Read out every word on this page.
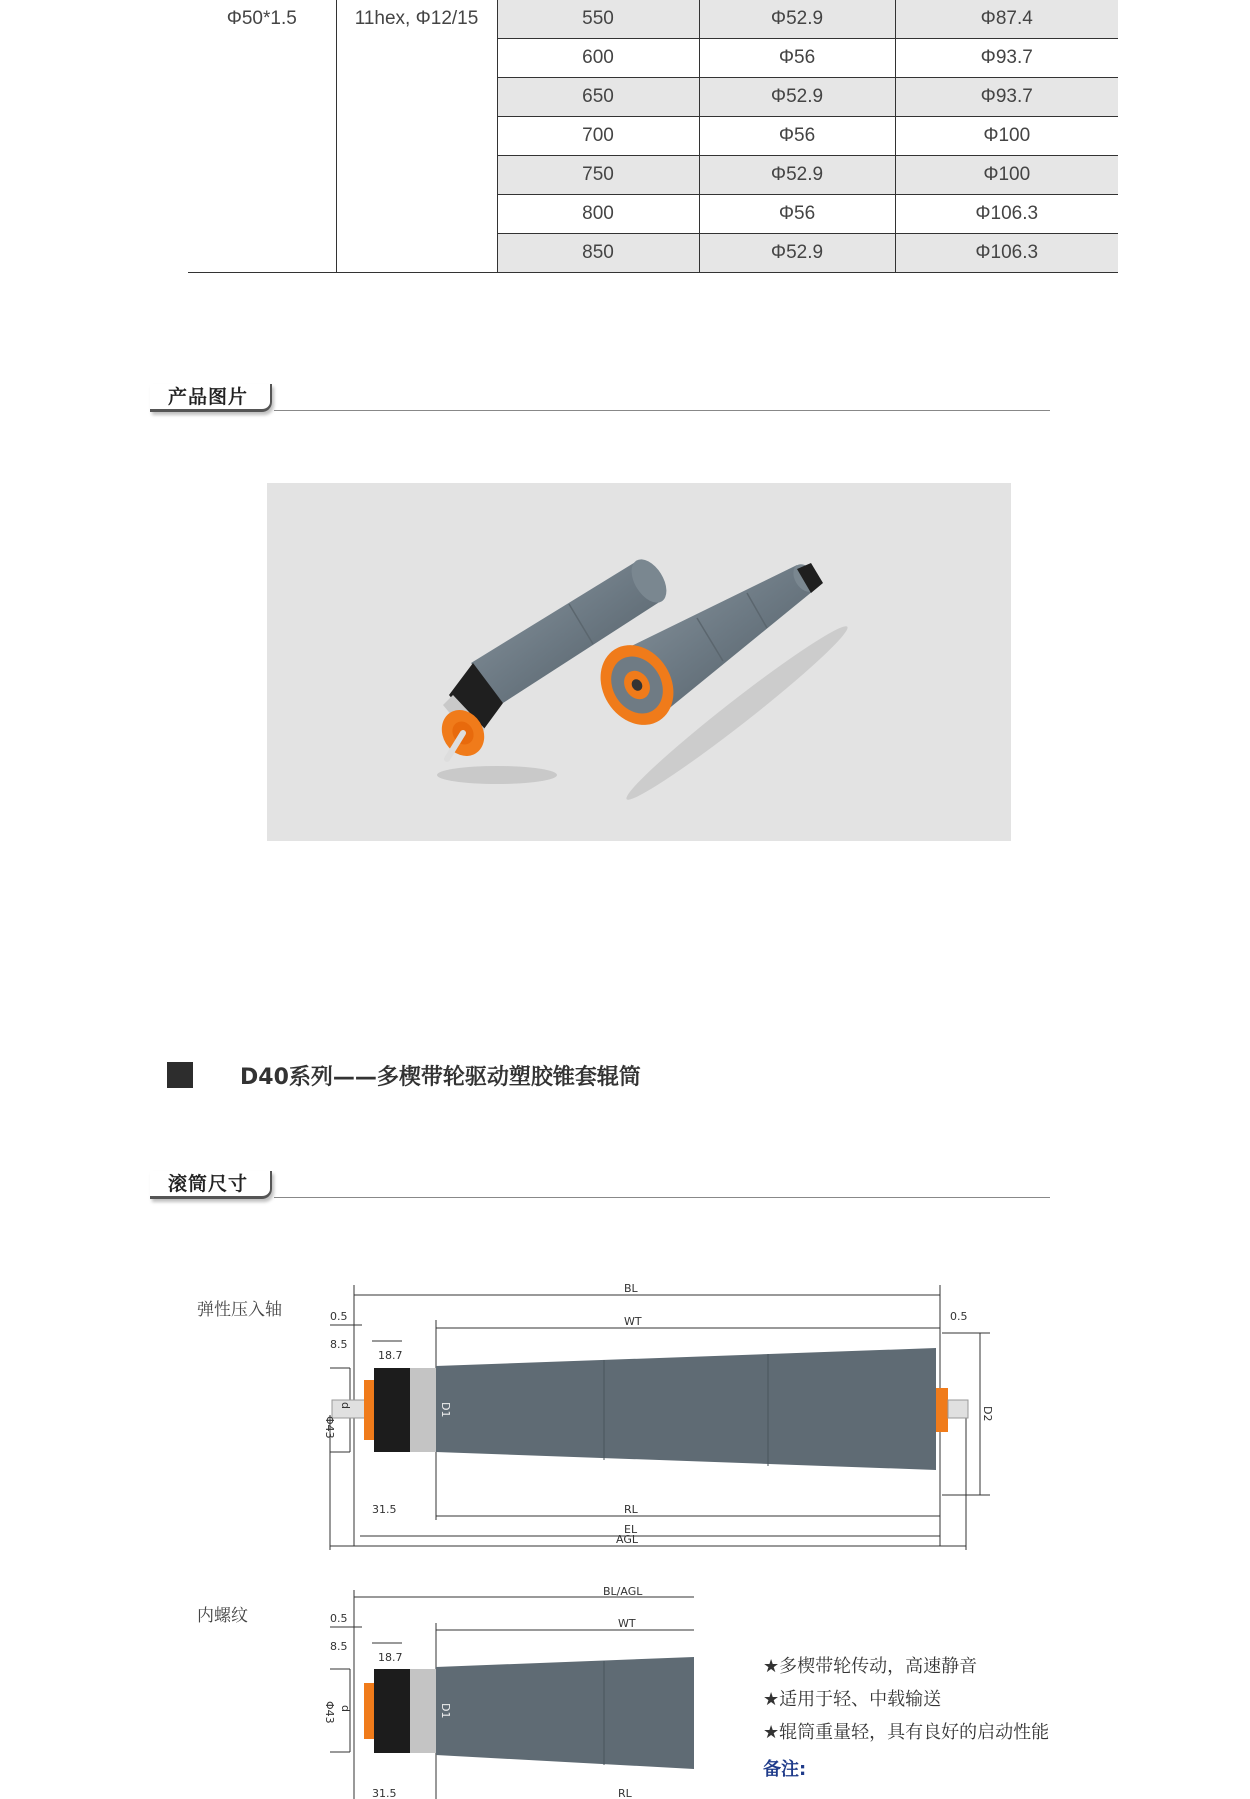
Φ50*1.5	11hex, Φ12/15	550	Φ52.9	Φ87.4
		600	Φ56	Φ93.7
		650	Φ52.9	Φ93.7
		700	Φ56	Φ100
		750	Φ52.9	Φ100
		800	Φ56	Φ106.3
		850	Φ52.9	Φ106.3
产品图片
D40系列——多楔带轮驱动塑胶锥套辊筒
滚筒尺寸
弹性压入轴
BL
WT
RL
EL
AGL
0.5	0.5
8.5
18.7
31.5
Φ43
d	D1	D2
内螺纹
BL/AGL
WT
0.5
8.5
18.7
31.5	RL
Φ43 d	D1
★多楔带轮传动，高速静音
★适用于轻、中载输送
★辊筒重量轻，具有良好的启动性能
备注:
